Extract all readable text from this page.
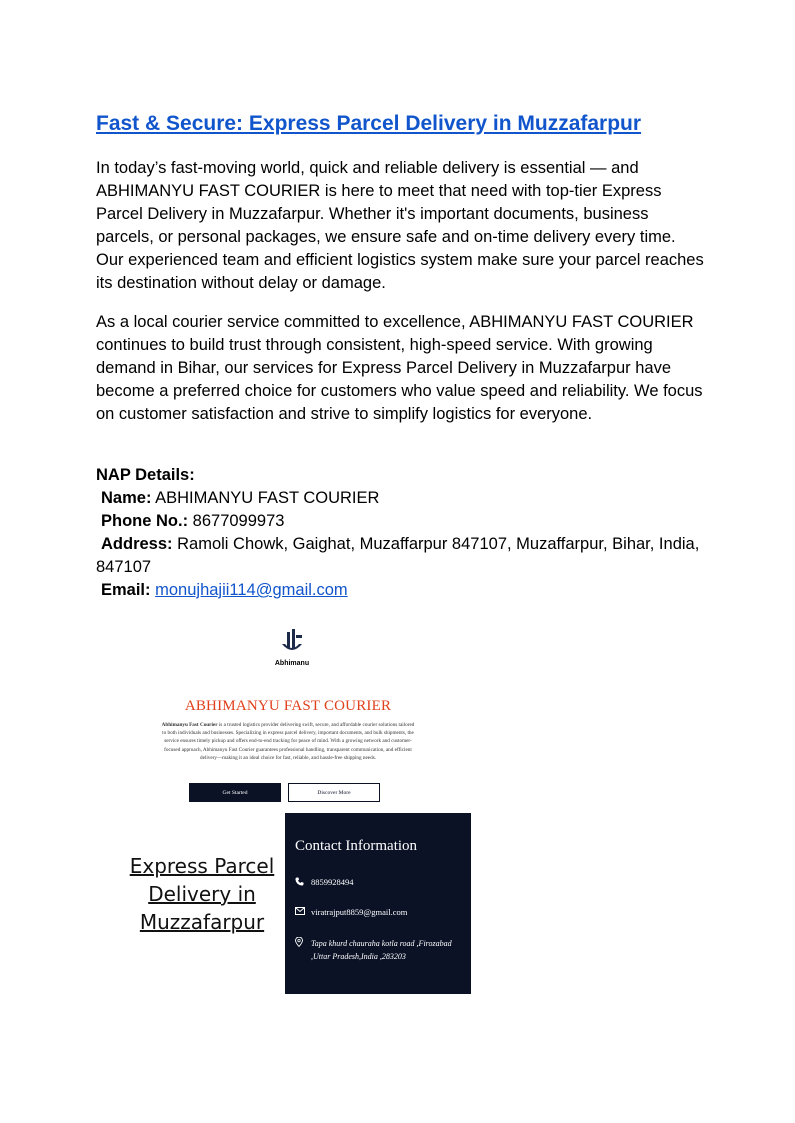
Fast & Secure: Express Parcel Delivery in Muzzafarpur

In today’s fast-moving world, quick and reliable delivery is essential — and ABHIMANYU FAST COURIER is here to meet that need with top-tier Express Parcel Delivery in Muzzafarpur. Whether it's important documents, business parcels, or personal packages, we ensure safe and on-time delivery every time. Our experienced team and efficient logistics system make sure your parcel reaches its destination without delay or damage.

As a local courier service committed to excellence, ABHIMANYU FAST COURIER continues to build trust through consistent, high-speed service. With growing demand in Bihar, our services for Express Parcel Delivery in Muzzafarpur have become a preferred choice for customers who value speed and reliability. We focus on customer satisfaction and strive to simplify logistics for everyone.

NAP Details:
Name: ABHIMANYU FAST COURIER
Phone No.: 8677099973
Address: Ramoli Chowk, Gaighat, Muzaffarpur 847107, Muzaffarpur, Bihar, India, 847107
Email: monujhajii114@gmail.com
Abhimanu
ABHIMANYU FAST COURIER
Abhimanyu Fast Courier is a trusted logistics provider delivering swift, secure, and affordable courier solutions tailored to both individuals and businesses. Specializing in express parcel delivery, important documents, and bulk shipments, the service ensures timely pickup and offers end-to-end tracking for peace of mind. With a growing network and customer-focused approach, Abhimanyu Fast Courier guarantees professional handling, transparent communication, and efficient delivery—making it an ideal choice for fast, reliable, and hassle-free shipping needs.
Get Started	Discover More
Express Parcel
Delivery in
Muzzafarpur
Contact Information
8859928494
viratrajput8859@gmail.com
Tapa khurd chauraha kotla road ,Firozabad ,Uttar Pradesh,India ,283203
